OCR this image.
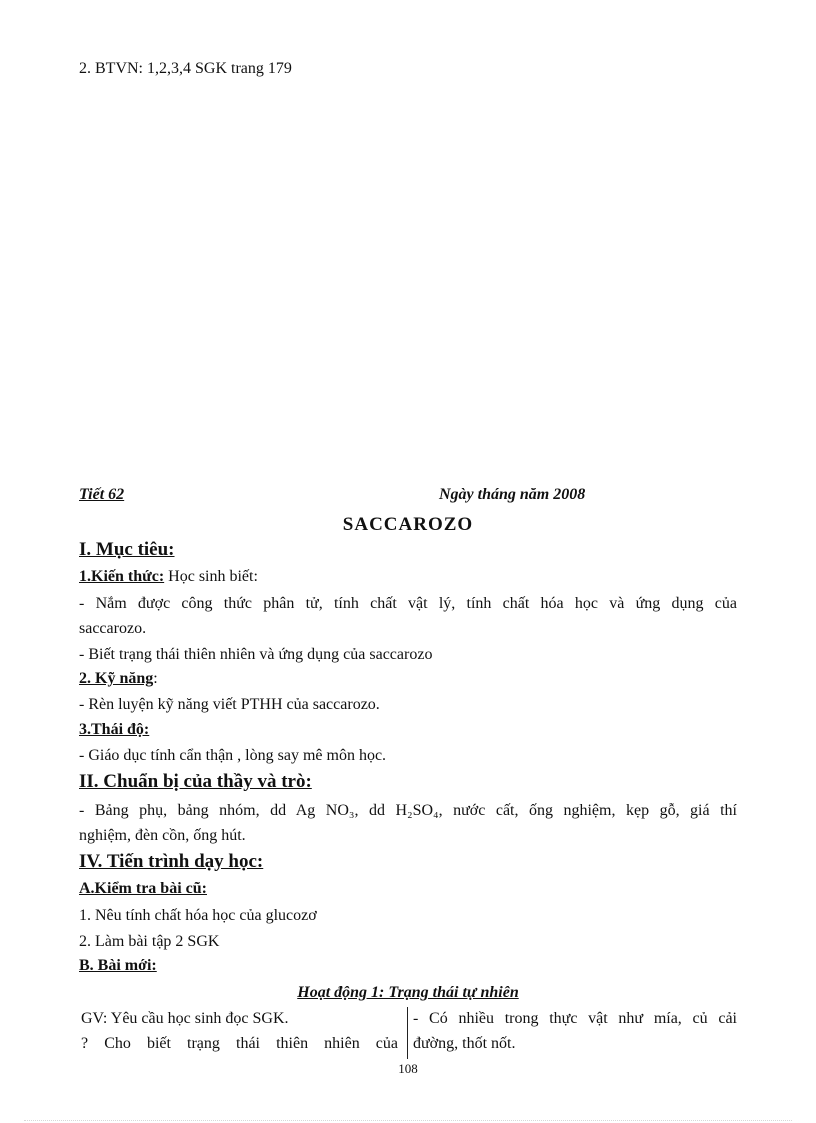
2. BTVN: 1,2,3,4 SGK trang 179
Tiết 62	Ngày tháng năm 2008
SACCAROZO
I. Mục tiêu:
1.Kiến thức: Học sinh biết:
- Nắm được công thức phân tử, tính chất vật lý, tính chất hóa học và ứng dụng của
saccarozo.
- Biết trạng thái thiên nhiên và ứng dụng của saccarozo
2. Kỹ năng:
- Rèn luyện kỹ năng viết PTHH của saccarozo.
3.Thái độ:
- Giáo dục tính cẩn thận , lòng say mê môn học.
II. Chuẩn bị của thầy và trò:
- Bảng phụ, bảng nhóm, dd Ag NO₃, dd H₂SO₄, nước cất, ống nghiệm, kẹp gỗ, giá thí
nghiệm, đèn cồn, ống hút.
IV. Tiến trình dạy học:
A.Kiểm tra bài cũ:
1. Nêu tính chất hóa học của glucozơ
2. Làm bài tập 2 SGK
B. Bài mới:
Hoạt động 1: Trạng thái tự nhiên
GV: Yêu cầu học sinh đọc SGK.
? Cho biết trạng thái thiên nhiên của
- Có nhiều trong thực vật như mía, củ cải
đường, thốt nốt.
108
